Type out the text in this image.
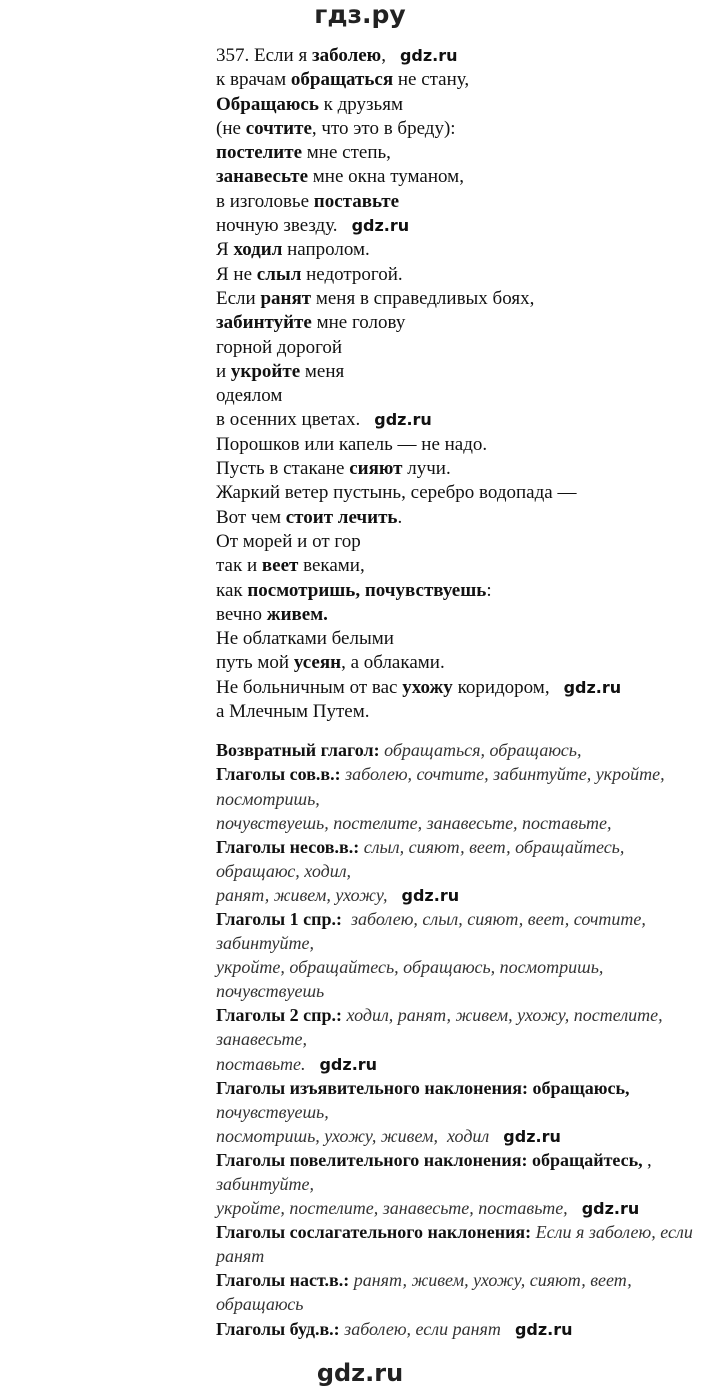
гдз.ру
357. Если я заболею, gdz.ru
к врачам обращаться не стану,
Обращаюсь к друзьям
(не сочтите, что это в бреду):
постелите мне степь,
занавесьте мне окна туманом,
в изголовье поставьте
ночную звезду. gdz.ru
Я ходил напролом.
Я не слыл недотрогой.
Если ранят меня в справедливых боях,
забинтуйте мне голову
горной дорогой
и укройте меня
одеялом
в осенних цветах. gdz.ru
Порошков или капель — не надо.
Пусть в стакане сияют лучи.
Жаркий ветер пустынь, серебро водопада —
Вот чем стоит лечить.
От морей и от гор
так и веет веками,
как посмотришь, почувствуешь:
вечно живем.
Не облатками белыми
путь мой усеян, а облаками.
Не больничным от вас ухожу коридором, gdz.ru
а Млечным Путем.
Возвратный глагол: обращаться, обращаюсь,
Глаголы сов.в.: заболею, сочтите, забинтуйте, укройте, посмотришь,
почувствуешь, постелите, занавесьте, поставьте,
Глаголы несов.в.: слыл, сияют, веет, обращайтесь, обращаюс, ходил,
ранят, живем, ухожу, gdz.ru
Глаголы 1 спр.:  заболею, слыл, сияют, веет, сочтите, забинтуйте,
укройте, обращайтесь, обращаюсь, посмотришь, почувствуешь
Глаголы 2 спр.: ходил, ранят, живем, ухожу, постелите, занавесьте,
поставьте. gdz.ru
Глаголы изъявительного наклонения: обращаюсь, почувствуешь,
посмотришь, ухожу, живем,  ходил gdz.ru
Глаголы повелительного наклонения: обращайтесь, , забинтуйте,
укройте, постелите, занавесьте, поставьте, gdz.ru
Глаголы сослагательного наклонения: Если я заболею, если ранят
Глаголы наст.в.: ранят, живем, ухожу, сияют, веет, обращаюсь
Глаголы буд.в.: заболею, если ранят gdz.ru
gdz.ru
